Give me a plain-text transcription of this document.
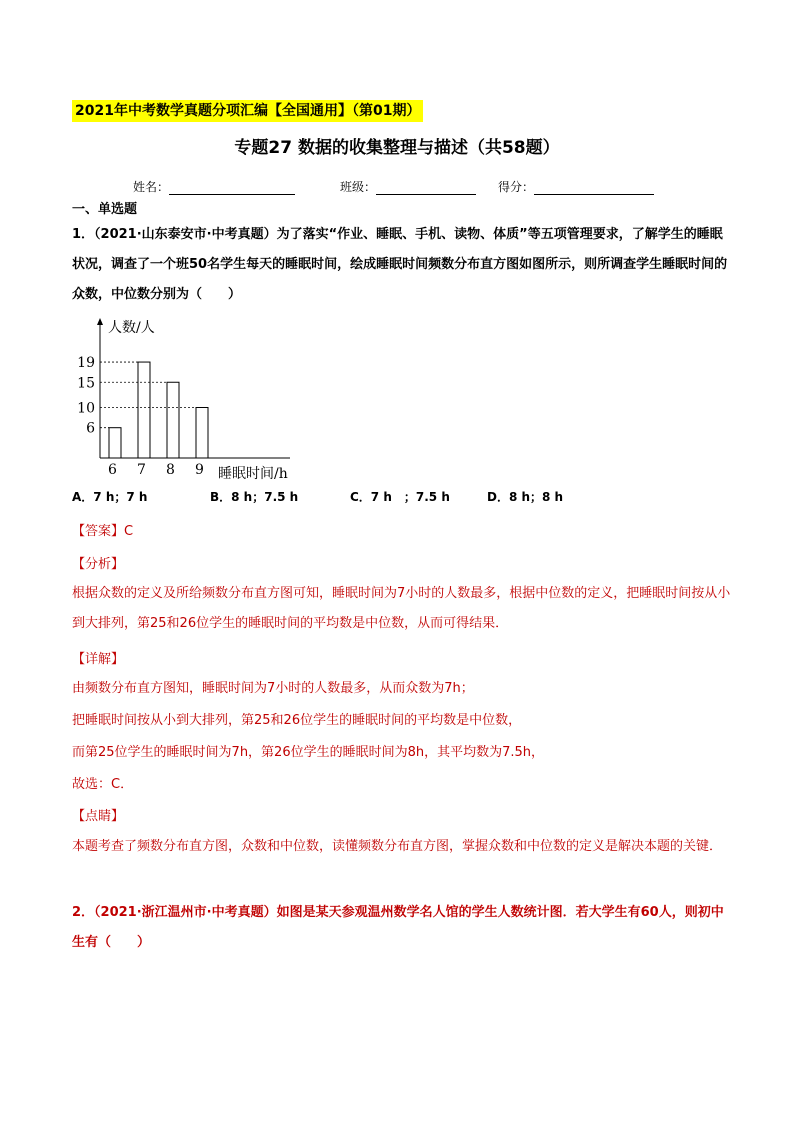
2021年中考数学真题分项汇编【全国通用】（第01期）
专题27 数据的收集整理与描述（共58题）
姓名：	班级：	得分：
一、单选题
1．（2021·山东泰安市·中考真题）为了落实“作业、睡眠、手机、读物、体质”等五项管理要求，了解学生的睡眠状况，调查了一个班50名学生每天的睡眠时间，绘成睡眠时间频数分布直方图如图所示，则所调查学生睡眠时间的众数，中位数分别为（　　）
人数/人
6 7 8 9
6
10
15
19
睡眠时间/h
A．7 h；7 h	B．8 h；7.5 h	C．7 h　；7.5 h	D．8 h；8 h
【答案】C
【分析】
根据众数的定义及所给频数分布直方图可知，睡眠时间为7小时的人数最多，根据中位数的定义，把睡眠时间按从小到大排列，第25和26位学生的睡眠时间的平均数是中位数，从而可得结果．
【详解】
由频数分布直方图知，睡眠时间为7小时的人数最多，从而众数为7h；
把睡眠时间按从小到大排列，第25和26位学生的睡眠时间的平均数是中位数，
而第25位学生的睡眠时间为7h，第26位学生的睡眠时间为8h，其平均数为7.5h，
故选：C．
【点睛】
本题考查了频数分布直方图，众数和中位数，读懂频数分布直方图，掌握众数和中位数的定义是解决本题的关键．
2．（2021·浙江温州市·中考真题）如图是某天参观温州数学名人馆的学生人数统计图．若大学生有60人，则初中生有（　　）
